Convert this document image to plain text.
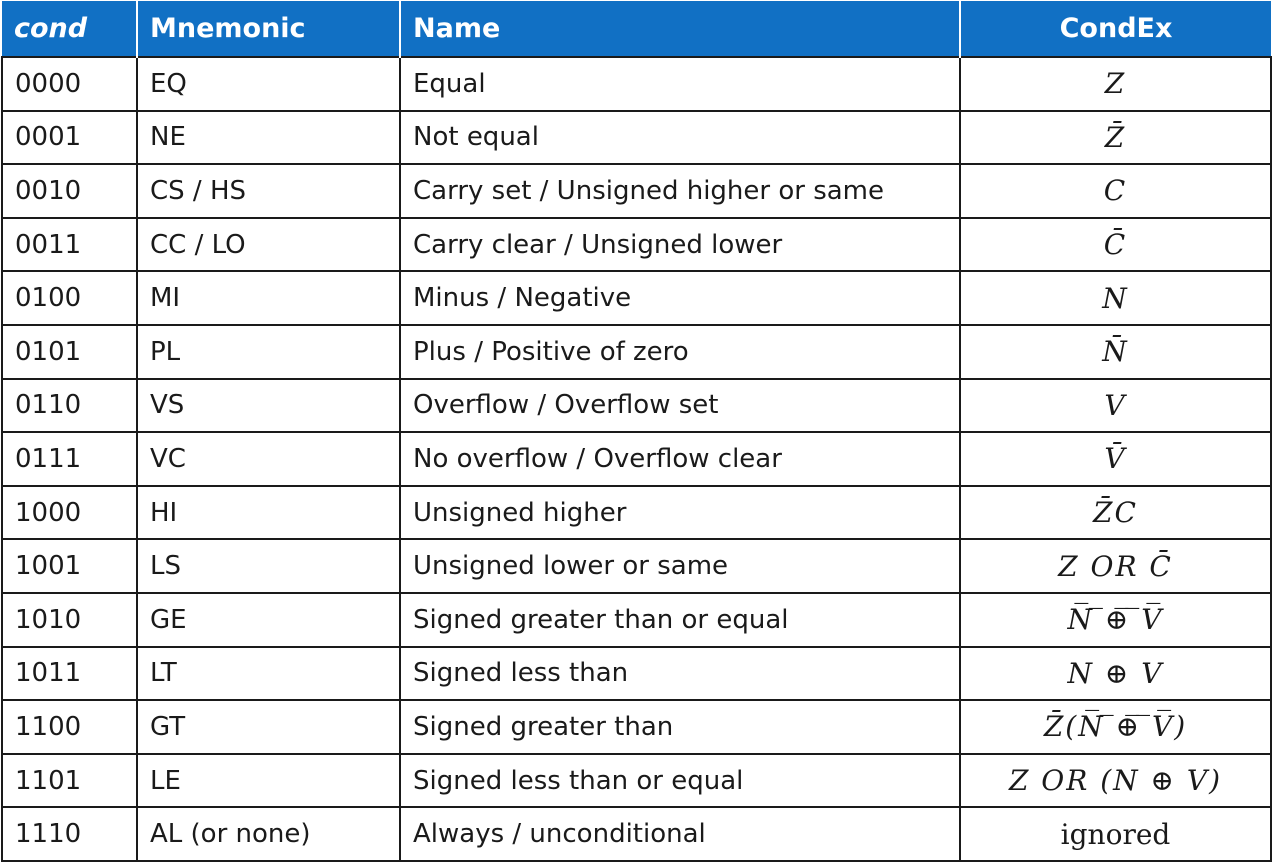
cond	Mnemonic	Name	CondEx
0000	EQ	Equal	Z
0001	NE	Not equal	Z̄
0010	CS / HS	Carry set / Unsigned higher or same	C
0011	CC / LO	Carry clear / Unsigned lower	C̄
0100	MI	Minus / Negative	N
0101	PL	Plus / Positive of zero	N̄
0110	VS	Overflow / Overflow set	V
0111	VC	No overflow / Overflow clear	V̄
1000	HI	Unsigned higher	Z̄C
1001	LS	Unsigned lower or same	Z OR C̄
1010	GE	Signed greater than or equal	N̅ ̅⊕̅ ̅V̅
1011	LT	Signed less than	N ⊕ V
1100	GT	Signed greater than	Z̄(N̅ ̅⊕̅ ̅V̅)
1101	LE	Signed less than or equal	Z OR (N ⊕ V)
1110	AL (or none)	Always / unconditional	ignored
